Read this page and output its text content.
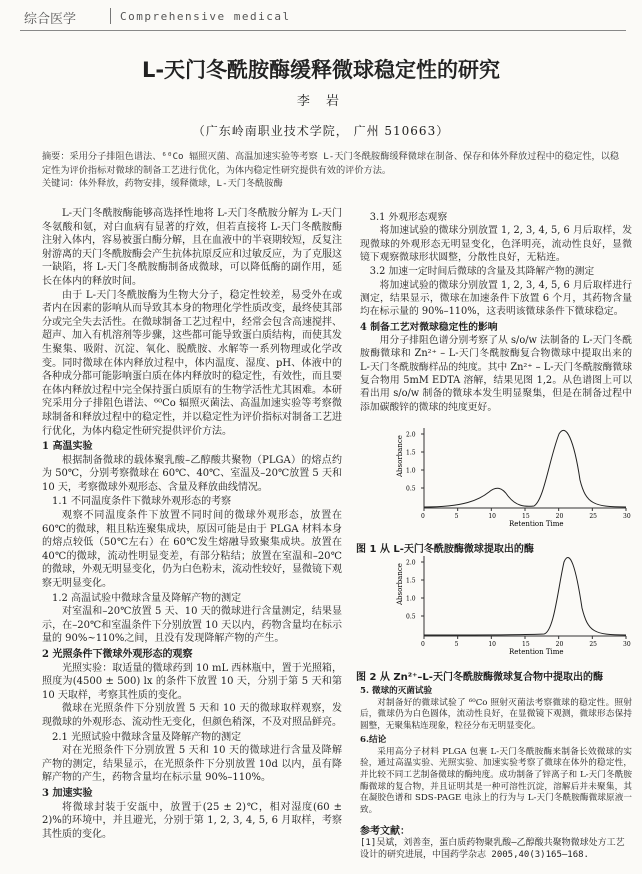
综合医学	Comprehensive medical
L-天门冬酰胺酶缓释微球稳定性的研究
李 岩
（广东岭南职业技术学院， 广州 510663）

摘要：采用分子排阻色谱法、⁶⁰Co 辐照灭菌、高温加速实验等考察 L-天门冬酰胺酶缓释微球在制备、保存和体外释放过程中的稳定性，以稳定性为评价指标对微球的制备工艺进行优化，为体内稳定性研究提供有效的评价方法。

关键词：体外释放，药物安排，缓释微球，L-天门冬酰胺酶

L-天门冬酰胺酶能够高选择性地将 L-天门冬酰胺分解为 L-天门冬氨酸和氨，对白血病有显著的疗效，但若直接将 L-天门冬酰胺酶注射入体内，容易被蛋白酶分解，且在血液中的半衰期较短，反复注射游离的天门冬酰胺酶会产生抗体抗原反应和过敏反应，为了克服这一缺陷，将 L-天门冬酰胺酶制备成微球，可以降低酶的副作用，延长在体内的释放时间。

由于 L-天门冬酰胺酶为生物大分子，稳定性较差，易受外在或者内在因素的影响从而导致其本身的物理化学性质改变，最终使其部分或完全失去活性。在微球制备工艺过程中，经常会包含高速搅拌、超声、加入有机溶剂等步骤，这些都可能导致蛋白质结构，而使其发生聚集、吸附、沉淀、氧化、脱酰胺、水解等一系列物理或化学改变。同时微球在体内释放过程中，体内温度、湿度、pH、体液中的各种成分都可能影响蛋白质在体内释放时的稳定性，有效性，而且要在体内释放过程中完全保持蛋白质原有的生物学活性尤其困难。本研究采用分子排阻色谱法、⁶⁰Co 辐照灭菌法、高温加速实验等考察微球制备和释放过程中的稳定性，并以稳定性为评价指标对制备工艺进行优化，为体内稳定性研究提供评价方法。

1 高温实验

根据制备微球的载体聚乳酸–乙醇酸共聚物（PLGA）的熔点约为 50℃，分别考察微球在 60℃、40℃、室温及–20℃放置 5 天和 10 天，考察微球外观形态、含量及释放曲线情况。

1.1 不同温度条件下微球外观形态的考察

观察不同温度条件下放置不同时间的微球外观形态，放置在 60℃的微球，粗且粘连聚集成块，原因可能是由于 PLGA 材料本身的熔点较低（50℃左右）在 60℃发生熔融导致聚集成块。放置在 40℃的微球，流动性明显变差，有部分粘结；放置在室温和–20℃的微球，外观无明显变化，仍为白色粉末，流动性较好，显微镜下观察无明显变化。

1.2 高温试验中微球含量及降解产物的测定

对室温和–20℃放置 5 天、10 天的微球进行含量测定，结果显示，在–20℃和室温条件下分别放置 10 天以内，药物含量均在标示量的 90%~110%之间，且没有发现降解产物的产生。

2 光照条件下微球外观形态的观察

光照实验：取适量的微球药到 10 mL 西林瓶中，置于光照箱，照度为(4500 ± 500) lx 的条件下放置 10 天，分别于第 5 天和第 10 天取样，考察其性质的变化。

微球在光照条件下分别放置 5 天和 10 天的微球取样观察，发现微球的外观形态、流动性无变化，但颜色稍深，不及对照品鲜亮。

2.1 光照试验中微球含量及降解产物的测定

对在光照条件下分别放置 5 天和 10 天的微球进行含量及降解产物的测定，结果显示，在光照条件下分别放置 10d 以内，虽有降解产物的产生，药物含量均在标示量 90%–110%。

3 加速实验

将微球封装于安瓿中，放置于(25 ± 2)℃，相对湿度(60 ± 2)%的环境中，并且避光，分别于第 1, 2, 3, 4, 5, 6 月取样，考察其性质的变化。

3.1 外观形态观察

将加速试验的微球分别放置 1, 2, 3, 4, 5, 6 月后取样，发现微球的外观形态无明显变化，色泽明亮，流动性良好，显微镜下观察微球形状圆整，分散性良好，无粘连。

3.2 加速一定时间后微球的含量及其降解产物的测定

将加速试验的微球分别放置 1, 2, 3, 4, 5, 6 月后取样进行测定，结果显示，微球在加速条件下放置 6 个月，其药物含量均在标示量的 90%–110%，这表明该微球条件下微球稳定。

4 制备工艺对微球稳定性的影响

用分子排阻色谱分别考察了从 s/o/w 法制备的 L-天门冬酰胺酶微球和 Zn²⁺ – L-天门冬酰胺酶复合物微球中提取出来的 L-天门冬酰胺酶样品的纯度。其中 Zn²⁺ – L-天门冬酰胺酶微球复合物用 5mM EDTA 溶解，结果见图 1,2。从色谱图上可以看出用 s/o/w 制备的微球本发生明显聚集，但是在制备过程中添加碳酸锌的微球的纯度更好。

2.0
1.5
1.0
0.5
0	5	10	15	20	25	30
Absorbance
Retention Time
图 1 从 L-天门冬酰胺酶微球提取出的酶
2.0
1.5
1.0
0.5
0	5	10	15	20	25	30
Absorbance
Retention Time
图 2 从 Zn²⁺–L-天门冬酰胺酶微球复合物中提取出的酶

5. 微球的灭菌试验

对制备好的微球试验了 ⁶⁰Co 照射灭菌法考察微球的稳定性。照射后，微球仍为白色圆体，流动性良好，在显微镜下观测，微球形态保持圆整，无聚集粘连现象，粒径分布无明显变化。

6.结论

采用高分子材料 PLGA 包裹 L-天门冬酰胺酶来制备长效微球的实验，通过高温实验、光照实验、加速实验考察了微球在体外的稳定性，并比较不同工艺制备微球的酶纯度。成功制备了锌离子和 L-天门冬酰胺酶微球的复合物，并且证明其是一种可溶性沉淀，溶解后并未聚集，其在凝胶色谱和 SDS-PAGE 电泳上的行为与 L-天门冬酰胺酶微球原液一致。

参考文献：
[1]吴斌，刘善奎，蛋白质药物聚乳酸–乙醇酸共聚物微球处方工艺设计的研究进展，中国药学杂志 2005,40(3)165–168.
